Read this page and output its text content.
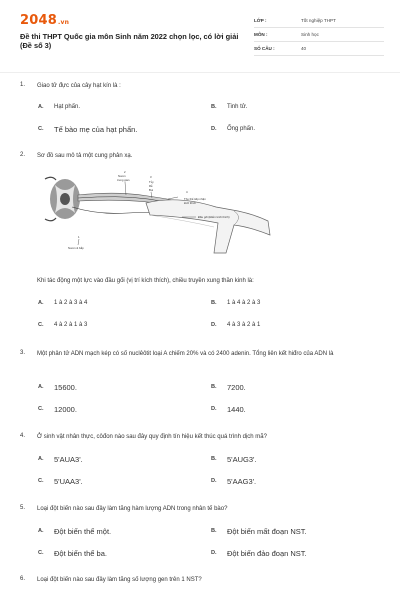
2048.vn
Đề thi THPT Quốc gia môn Sinh năm 2022 chọn lọc, có lời giải (Đề số 3)
LỚP :	Tốt nghiệp THPT
MÔN :	Sinh học
SỐ CÂU :	40
1. Giao tử đực của cây hạt kín là :
A. Hạt phấn.	B. Tinh tử.
C. Tế bào mẹ của hạt phấn.	D. Ống phấn.
2. Sơ đồ sau mô tả một cung phản xạ.
2
Noron
trung gian
3
Tủy
Rễ
Bụi	4
Thụ thể tiếp nhận
kích thích
Đầu gối (Điểm kích thích)
1
Noron & bắp
Khi tác động một lực vào đầu gối (vị trí kích thích), chiều truyền xung thần kinh là:
A. 1 à 2 à 3 à 4	B. 1 à 4 à 2 à 3
C. 4 à 2 à 1 à 3	D. 4 à 3 à 2 à 1
3. Một phân tử ADN mạch kép có số nuclêôtit loại A chiếm 20% và có 2400 adenin. Tổng liên kết hiđro của ADN là
A. 15600.	B. 7200.
C. 12000.	D. 1440.
4. Ở sinh vật nhân thực, côđon nào sau đây quy định tín hiệu kết thúc quá trình dịch mã?
A. 5'AUA3'.	B. 5'AUG3'.
C. 5'UAA3'.	D. 5'AAG3'.
5. Loại đột biến nào sau đây làm tăng hàm lượng ADN trong nhân tế bào?
A. Đột biến thể một.	B. Đột biến mất đoạn NST.
C. Đột biến thể ba.	D. Đột biến đảo đoạn NST.
6. Loại đột biến nào sau đây làm tăng số lượng gen trên 1 NST?
